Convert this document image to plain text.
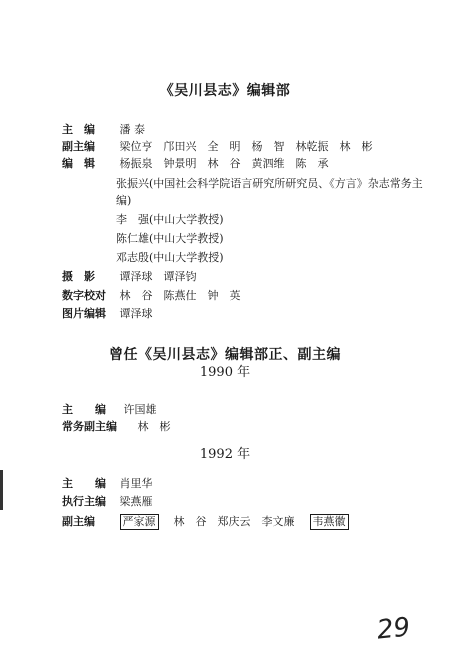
《吴川县志》编辑部
主　编 潘 泰
副主编 梁位亨　邝田兴　全　明　杨　智　林乾振　林　彬
编　辑 杨振泉　钟景明　林　谷　黄泗维　陈　承
张振兴(中国社会科学院语言研究所研究员、《方言》杂志常务主
编)
李　强(中山大学教授)
陈仁雄(中山大学教授)
邓志殷(中山大学教授)
摄　影 谭泽球　谭泽钧
数字校对 林　谷　陈燕仕　钟　英
图片编辑 谭泽球
曾任《吴川县志》编辑部正、副主编
1990 年
主　　编 许国雄
常务副主编 林　彬
1992 年
主　　编 肖里华
执行主编 梁燕雁
副主编	严家源 林　谷　郑庆云　李文廉 韦燕徽
29
